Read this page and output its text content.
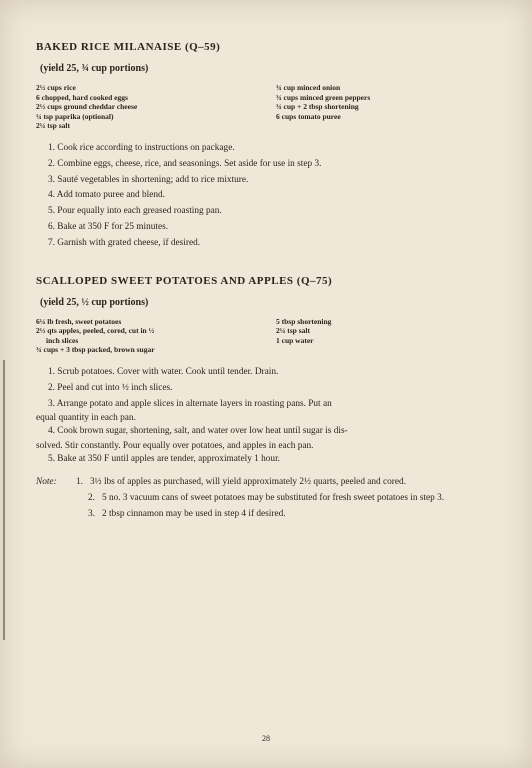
BAKED RICE MILANAISE (Q–59)
(yield 25, ¾ cup portions)
2½ cups rice
6 chopped, hard cooked eggs
2½ cups ground cheddar cheese
¼ tsp paprika (optional)
2¼ tsp salt
¾ cup minced onion
¾ cups minced green peppers
¾ cup + 2 tbsp shortening
6 cups tomato puree
1. Cook rice according to instructions on package.
2. Combine eggs, cheese, rice, and seasonings. Set aside for use in step 3.
3. Sauté vegetables in shortening; add to rice mixture.
4. Add tomato puree and blend.
5. Pour equally into each greased roasting pan.
6. Bake at 350 F for 25 minutes.
7. Garnish with grated cheese, if desired.
SCALLOPED SWEET POTATOES AND APPLES (Q–75)
(yield 25, ½ cup portions)
6¼ lb fresh, sweet potatoes
2½ qts apples, peeled, cored, cut in ½
inch slices
¾ cups + 3 tbsp packed, brown sugar
5 tbsp shortening
2¼ tsp salt
1 cup water
1. Scrub potatoes. Cover with water. Cook until tender. Drain.
2. Peel and cut into ½ inch slices.
3. Arrange potato and apple slices in alternate layers in roasting pans. Put an
equal quantity in each pan.
4. Cook brown sugar, shortening, salt, and water over low heat until sugar is dis-
solved. Stir constantly. Pour equally over potatoes, and apples in each pan.
5. Bake at 350 F until apples are tender, approximately 1 hour.
Note:	1. 3½ lbs of apples as purchased, will yield approximately 2½ quarts, peeled and cored.
2. 5 no. 3 vacuum cans of sweet potatoes may be substituted for fresh sweet potatoes in step 3.
3. 2 tbsp cinnamon may be used in step 4 if desired.
28
